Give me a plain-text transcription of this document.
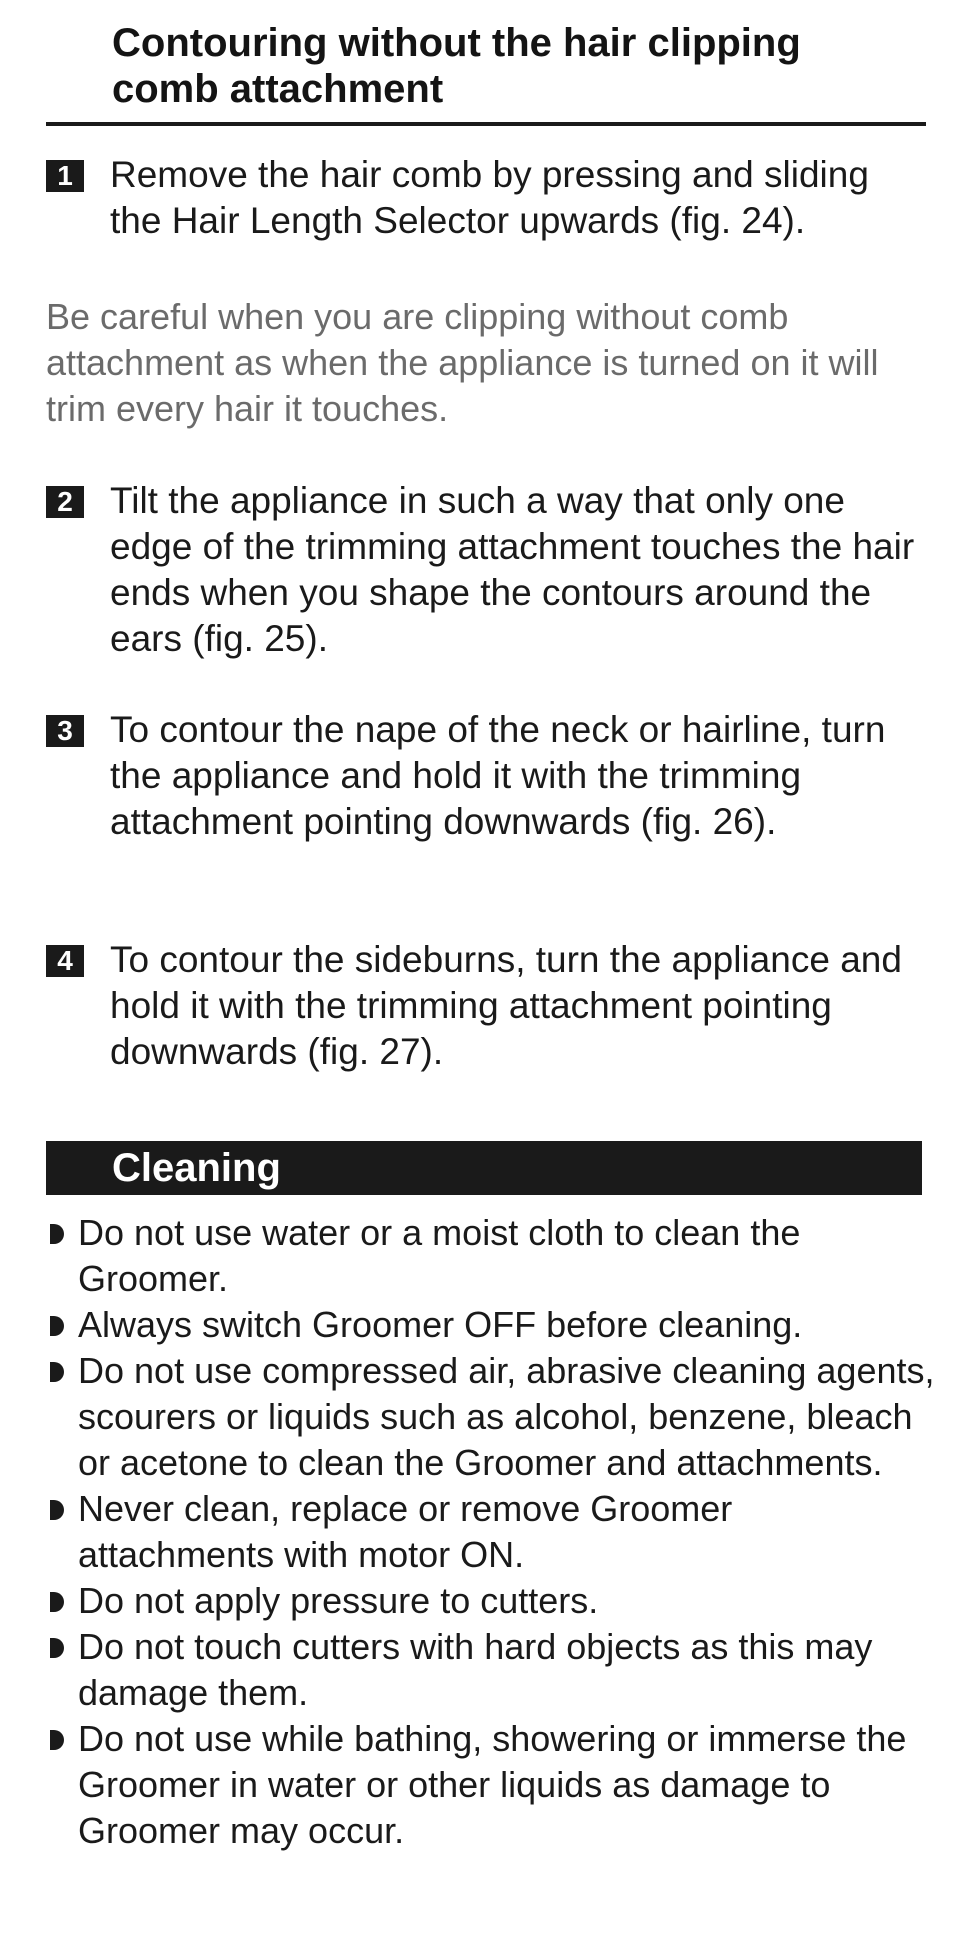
Contouring without the hair clipping comb attachment
1	Remove the hair comb by pressing and sliding the Hair Length Selector upwards (fig. 24).
Be careful when you are clipping without comb attachment as when the appliance is turned on it will trim every hair it touches.
2	Tilt the appliance in such a way that only one edge of the trimming attachment touches the hair ends when you shape the contours around the ears (fig. 25).
3	To contour the nape of the neck or hairline, turn the appliance and hold it with the trimming attachment pointing downwards (fig. 26).
4	To contour the sideburns, turn the appliance and hold it with the trimming attachment pointing downwards (fig. 27).
Cleaning
Do not use water or a moist cloth to clean the Groomer.
Always switch Groomer OFF before cleaning.
Do not use compressed air, abrasive cleaning agents, scourers or liquids such as alcohol, benzene, bleach or acetone to clean the Groomer and attachments.
Never clean, replace or remove Groomer attachments with motor ON.
Do not apply pressure to cutters.
Do not touch cutters with hard objects as this may damage them.
Do not use while bathing, showering or immerse the Groomer in water or other liquids as damage to Groomer may occur.
